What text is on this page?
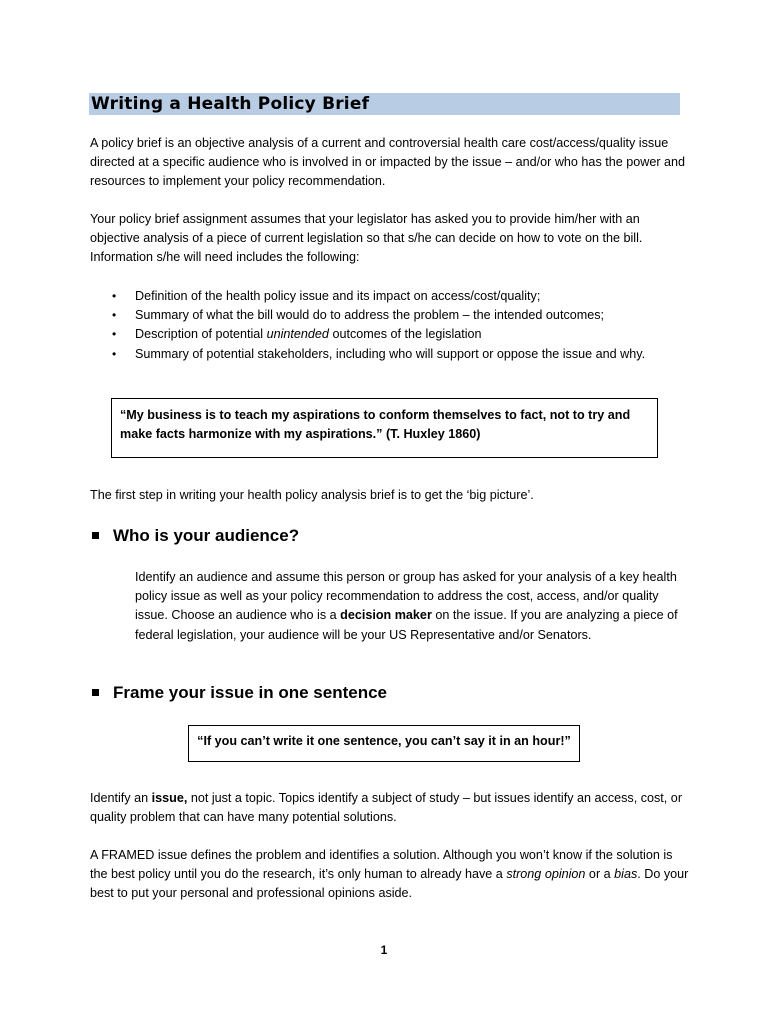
Writing a Health Policy Brief

A policy brief is an objective analysis of a current and controversial health care cost/access/quality issue directed at a specific audience who is involved in or impacted by the issue – and/or who has the power and resources to implement your policy recommendation.

Your policy brief assignment assumes that your legislator has asked you to provide him/her with an objective analysis of a piece of current legislation so that s/he can decide on how to vote on the bill. Information s/he will need includes the following:

• Definition of the health policy issue and its impact on access/cost/quality;
• Summary of what the bill would do to address the problem – the intended outcomes;
• Description of potential unintended outcomes of the legislation
• Summary of potential stakeholders, including who will support or oppose the issue and why.

“My business is to teach my aspirations to conform themselves to fact, not to try and make facts harmonize with my aspirations.” (T. Huxley 1860)

The first step in writing your health policy analysis brief is to get the ‘big picture’.

Who is your audience?

Identify an audience and assume this person or group has asked for your analysis of a key health policy issue as well as your policy recommendation to address the cost, access, and/or quality issue. Choose an audience who is a decision maker on the issue. If you are analyzing a piece of federal legislation, your audience will be your US Representative and/or Senators.

Frame your issue in one sentence

“If you can’t write it one sentence, you can’t say it in an hour!”

Identify an issue, not just a topic. Topics identify a subject of study – but issues identify an access, cost, or quality problem that can have many potential solutions.

A FRAMED issue defines the problem and identifies a solution. Although you won’t know if the solution is the best policy until you do the research, it’s only human to already have a strong opinion or a bias. Do your best to put your personal and professional opinions aside.

1
